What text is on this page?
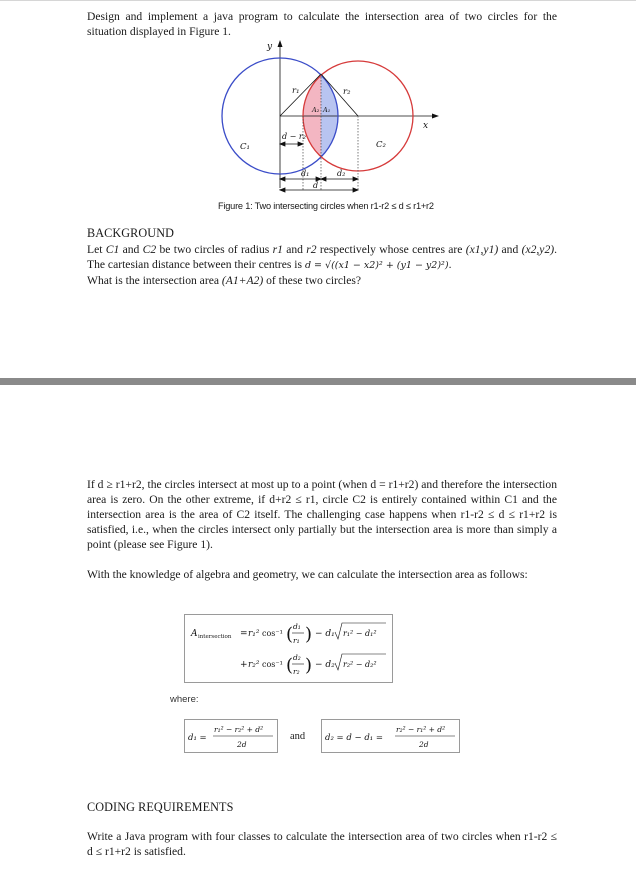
Design and implement a java program to calculate the intersection area of two circles for the situation displayed in Figure 1.
y
x
r₁	r₂
A₂ A₁
C₁	C₂
d − r₂
d₁	d₂
d
Figure 1: Two intersecting circles when r1-r2 ≤ d ≤ r1+r2
BACKGROUND
Let C1 and C2 be two circles of radius r1 and r2 respectively whose centres are (x1,y1) and (x2,y2). The cartesian distance between their centres is d = √((x1 − x2)² + (y1 − y2)²).
What is the intersection area (A1+A2) of these two circles?
If d ≥ r1+r2, the circles intersect at most up to a point (when d = r1+r2) and therefore the intersection area is zero. On the other extreme, if d+r2 ≤ r1, circle C2 is entirely contained within C1 and the intersection area is the area of C2 itself. The challenging case happens when r1-r2 ≤ d ≤ r1+r2 is satisfied, i.e., when the circles intersect only partially but the intersection area is more than simply a point (please see Figure 1).
With the knowledge of algebra and geometry, we can calculate the intersection area as follows:
A intersection = r₁² cos⁻¹ ( d₁
r₁ ) − d₁ r₁² − d₁²
+ r₂² cos⁻¹ ( d₂
r₂ ) − d₂ r₂² − d₂²
where:
d₁ =
r₁² − r₂² + d²
2d
and d₂ = d − d₁ =
r₂² − r₁² + d²
2d
CODING REQUIREMENTS
Write a Java program with four classes to calculate the intersection area of two circles when r1-r2 ≤ d ≤ r1+r2 is satisfied.
